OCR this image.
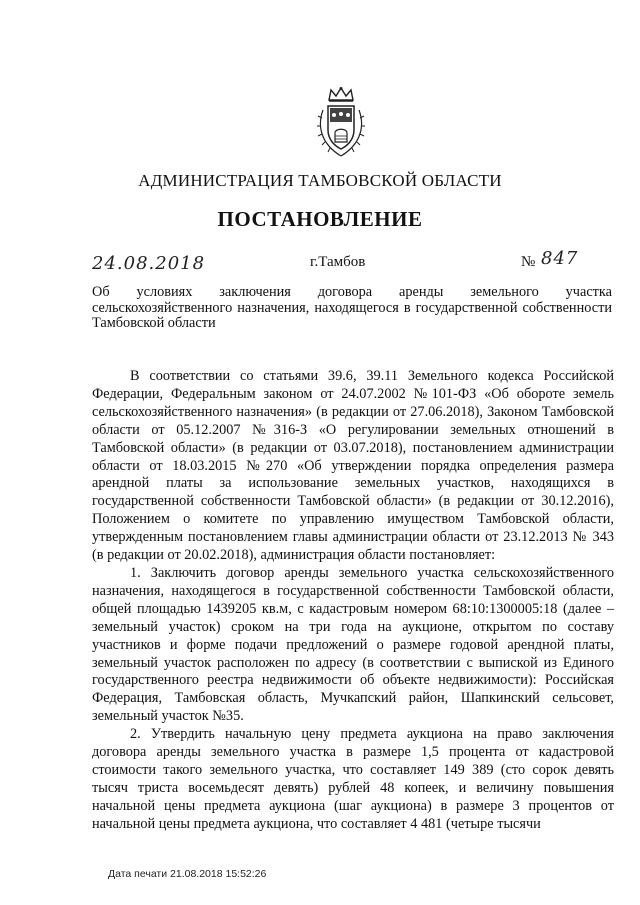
АДМИНИСТРАЦИЯ ТАМБОВСКОЙ ОБЛАСТИ
ПОСТАНОВЛЕНИЕ
24.08.2018	г.Тамбов	№ 847
Об условиях заключения договора аренды земельного участка сельскохозяйственного назначения, находящегося в государственной собственности Тамбовской области

В соответствии со статьями 39.6, 39.11 Земельного кодекса Российской Федерации, Федеральным законом от 24.07.2002 №101-ФЗ «Об обороте земель сельскохозяйственного назначения» (в редакции от 27.06.2018), Законом Тамбовской области от 05.12.2007 №316-З «О регулировании земельных отношений в Тамбовской области» (в редакции от 03.07.2018), постановлением администрации области от 18.03.2015 №270 «Об утверждении порядка определения размера арендной платы за использование земельных участков, находящихся в государственной собственности Тамбовской области» (в редакции от 30.12.2016), Положением о комитете по управлению имуществом Тамбовской области, утвержденным постановлением главы администрации области от 23.12.2013 № 343 (в редакции от 20.02.2018), администрация области постановляет:

1. Заключить договор аренды земельного участка сельскохозяйственного назначения, находящегося в государственной собственности Тамбовской области, общей площадью 1439205 кв.м, с кадастровым номером 68:10:1300005:18 (далее – земельный участок) сроком на три года на аукционе, открытом по составу участников и форме подачи предложений о размере годовой арендной платы, земельный участок расположен по адресу (в соответствии с выпиской из Единого государственного реестра недвижимости об объекте недвижимости): Российская Федерация, Тамбовская область, Мучкапский район, Шапкинский сельсовет, земельный участок №35.

2. Утвердить начальную цену предмета аукциона на право заключения договора аренды земельного участка в размере 1,5 процента от кадастровой стоимости такого земельного участка, что составляет 149 389 (сто сорок девять тысяч триста восемьдесят девять) рублей 48 копеек, и величину повышения начальной цены предмета аукциона (шаг аукциона) в размере 3 процентов от начальной цены предмета аукциона, что составляет 4 481 (четыре тысячи

Дата печати 21.08.2018 15:52:26
